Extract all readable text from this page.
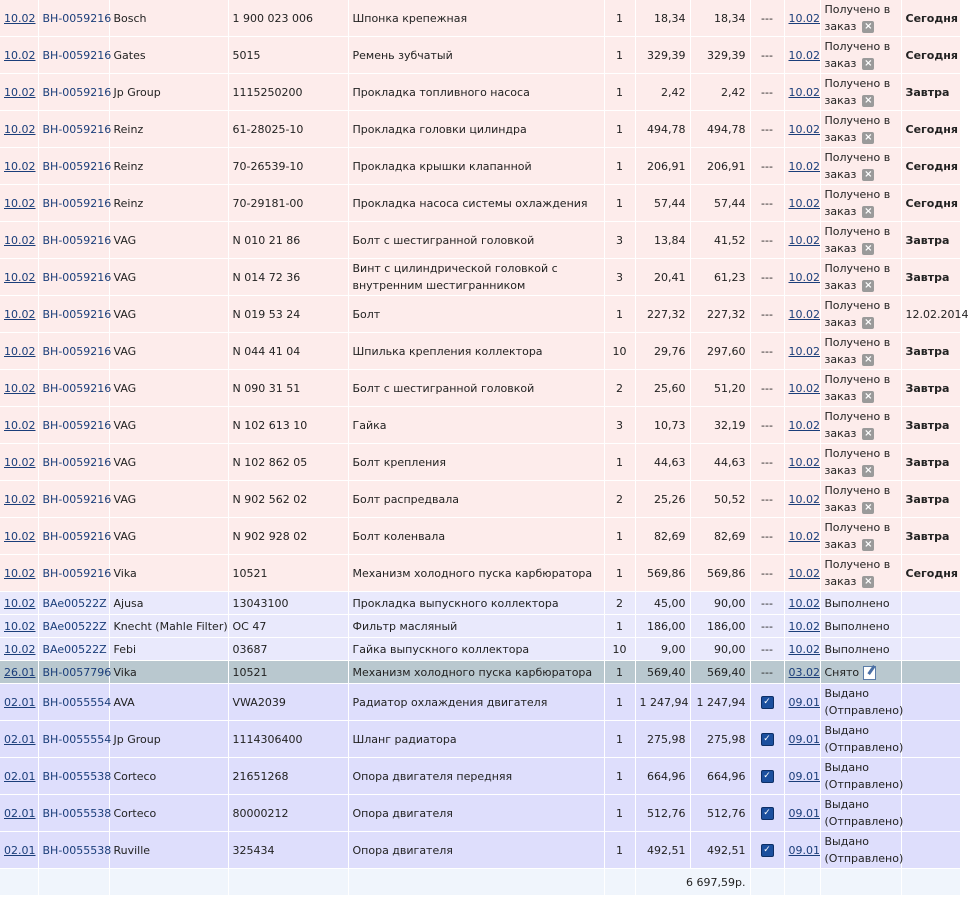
10.02	BH-0059216	Bosch	1 900 023 006	Шпонка крепежная	1	18,34	18,34	---	10.02	Получено в заказ ×	Сегодня
10.02	BH-0059216	Gates	5015	Ремень зубчатый	1	329,39	329,39	---	10.02	Получено в заказ ×	Сегодня
10.02	BH-0059216	Jp Group	1115250200	Прокладка топливного насоса	1	2,42	2,42	---	10.02	Получено в заказ ×	Завтра
10.02	BH-0059216	Reinz	61-28025-10	Прокладка головки цилиндра	1	494,78	494,78	---	10.02	Получено в заказ ×	Сегодня
10.02	BH-0059216	Reinz	70-26539-10	Прокладка крышки клапанной	1	206,91	206,91	---	10.02	Получено в заказ ×	Сегодня
10.02	BH-0059216	Reinz	70-29181-00	Прокладка насоса системы охлаждения	1	57,44	57,44	---	10.02	Получено в заказ ×	Сегодня
10.02	BH-0059216	VAG	N 010 21 86	Болт с шестигранной головкой	3	13,84	41,52	---	10.02	Получено в заказ ×	Завтра
10.02	BH-0059216	VAG	N 014 72 36	Винт с цилиндрической головкой с внутренним шестигранником	3	20,41	61,23	---	10.02	Получено в заказ ×	Завтра
10.02	BH-0059216	VAG	N 019 53 24	Болт	1	227,32	227,32	---	10.02	Получено в заказ ×	12.02.2014
10.02	BH-0059216	VAG	N 044 41 04	Шпилька крепления коллектора	10	29,76	297,60	---	10.02	Получено в заказ ×	Завтра
10.02	BH-0059216	VAG	N 090 31 51	Болт с шестигранной головкой	2	25,60	51,20	---	10.02	Получено в заказ ×	Завтра
10.02	BH-0059216	VAG	N 102 613 10	Гайка	3	10,73	32,19	---	10.02	Получено в заказ ×	Завтра
10.02	BH-0059216	VAG	N 102 862 05	Болт крепления	1	44,63	44,63	---	10.02	Получено в заказ ×	Завтра
10.02	BH-0059216	VAG	N 902 562 02	Болт распредвала	2	25,26	50,52	---	10.02	Получено в заказ ×	Завтра
10.02	BH-0059216	VAG	N 902 928 02	Болт коленвала	1	82,69	82,69	---	10.02	Получено в заказ ×	Завтра
10.02	BH-0059216	Vika	10521	Механизм холодного пуска карбюратора	1	569,86	569,86	---	10.02	Получено в заказ ×	Сегодня
10.02	BAe00522Z	Ajusa	13043100	Прокладка выпускного коллектора	2	45,00	90,00	---	10.02	Выполнено	
10.02	BAe00522Z	Knecht (Mahle Filter)	OC 47	Фильтр масляный	1	186,00	186,00	---	10.02	Выполнено	
10.02	BAe00522Z	Febi	03687	Гайка выпускного коллектора	10	9,00	90,00	---	10.02	Выполнено	
26.01	BH-0057796	Vika	10521	Механизм холодного пуска карбюратора	1	569,40	569,40	---	03.02	Снято	
02.01	BH-0055554	AVA	VWA2039	Радиатор охлаждения двигателя	1	1 247,94	1 247,94	✓	09.01	Выдано (Отправлено)	
02.01	BH-0055554	Jp Group	1114306400	Шланг радиатора	1	275,98	275,98	✓	09.01	Выдано (Отправлено)	
02.01	BH-0055538	Corteco	21651268	Опора двигателя передняя	1	664,96	664,96	✓	09.01	Выдано (Отправлено)	
02.01	BH-0055538	Corteco	80000212	Опора двигателя	1	512,76	512,76	✓	09.01	Выдано (Отправлено)	
02.01	BH-0055538	Ruville	325434	Опора двигателя	1	492,51	492,51	✓	09.01	Выдано (Отправлено)	
						6 697,59р.					
